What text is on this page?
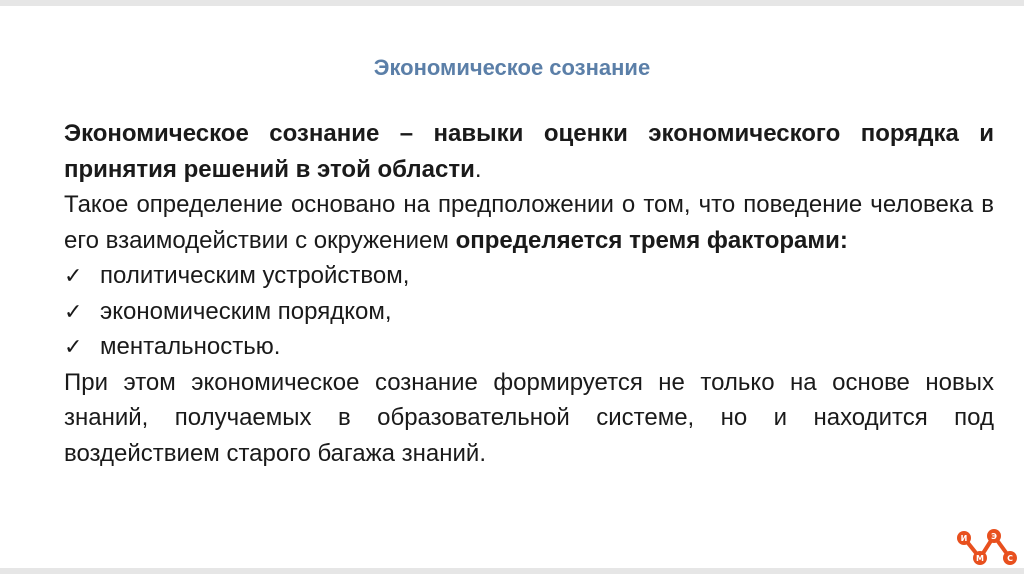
Экономическое сознание

Экономическое сознание – навыки оценки экономического порядка и принятия решений в этой области.

Такое определение основано на предположении о том, что поведение человека в его взаимодействии с окружением определяется тремя факторами:

✓ политическим устройством,
✓ экономическим порядком,
✓ ментальностью.

При этом экономическое сознание формируется не только на основе новых знаний, получаемых в образовательной системе, но и находится под воздействием старого багажа знаний.

И	Э
М	С
